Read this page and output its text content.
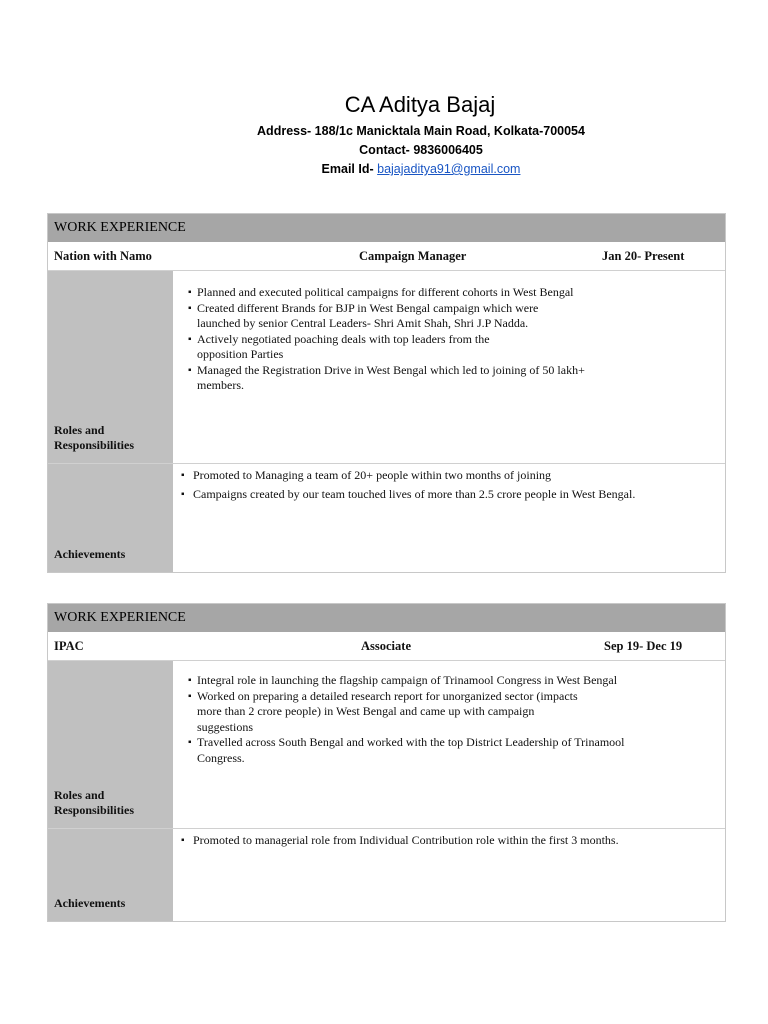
CA Aditya Bajaj
Address- 188/1c Manicktala Main Road, Kolkata-700054
Contact- 9836006405
Email Id- bajajaditya91@gmail.com
WORK EXPERIENCE
Nation with Namo	Campaign Manager	Jan 20- Present
Roles and Responsibilities
▪ Planned and executed political campaigns for different cohorts in West Bengal
▪ Created different Brands for BJP in West Bengal campaign which were launched by senior Central Leaders- Shri Amit Shah, Shri J.P Nadda.
▪ Actively negotiated poaching deals with top leaders from the opposition Parties
▪ Managed the Registration Drive in West Bengal which led to joining of 50 lakh+ members.
Achievements
▪ Promoted to Managing a team of 20+ people within two months of joining
▪ Campaigns created by our team touched lives of more than 2.5 crore people in West Bengal.
WORK EXPERIENCE
IPAC	Associate	Sep 19- Dec 19
Roles and Responsibilities
▪ Integral role in launching the flagship campaign of Trinamool Congress in West Bengal
▪ Worked on preparing a detailed research report for unorganized sector (impacts more than 2 crore people) in West Bengal and came up with campaign suggestions
▪ Travelled across South Bengal and worked with the top District Leadership of Trinamool Congress.
Achievements
▪ Promoted to managerial role from Individual Contribution role within the first 3 months.
